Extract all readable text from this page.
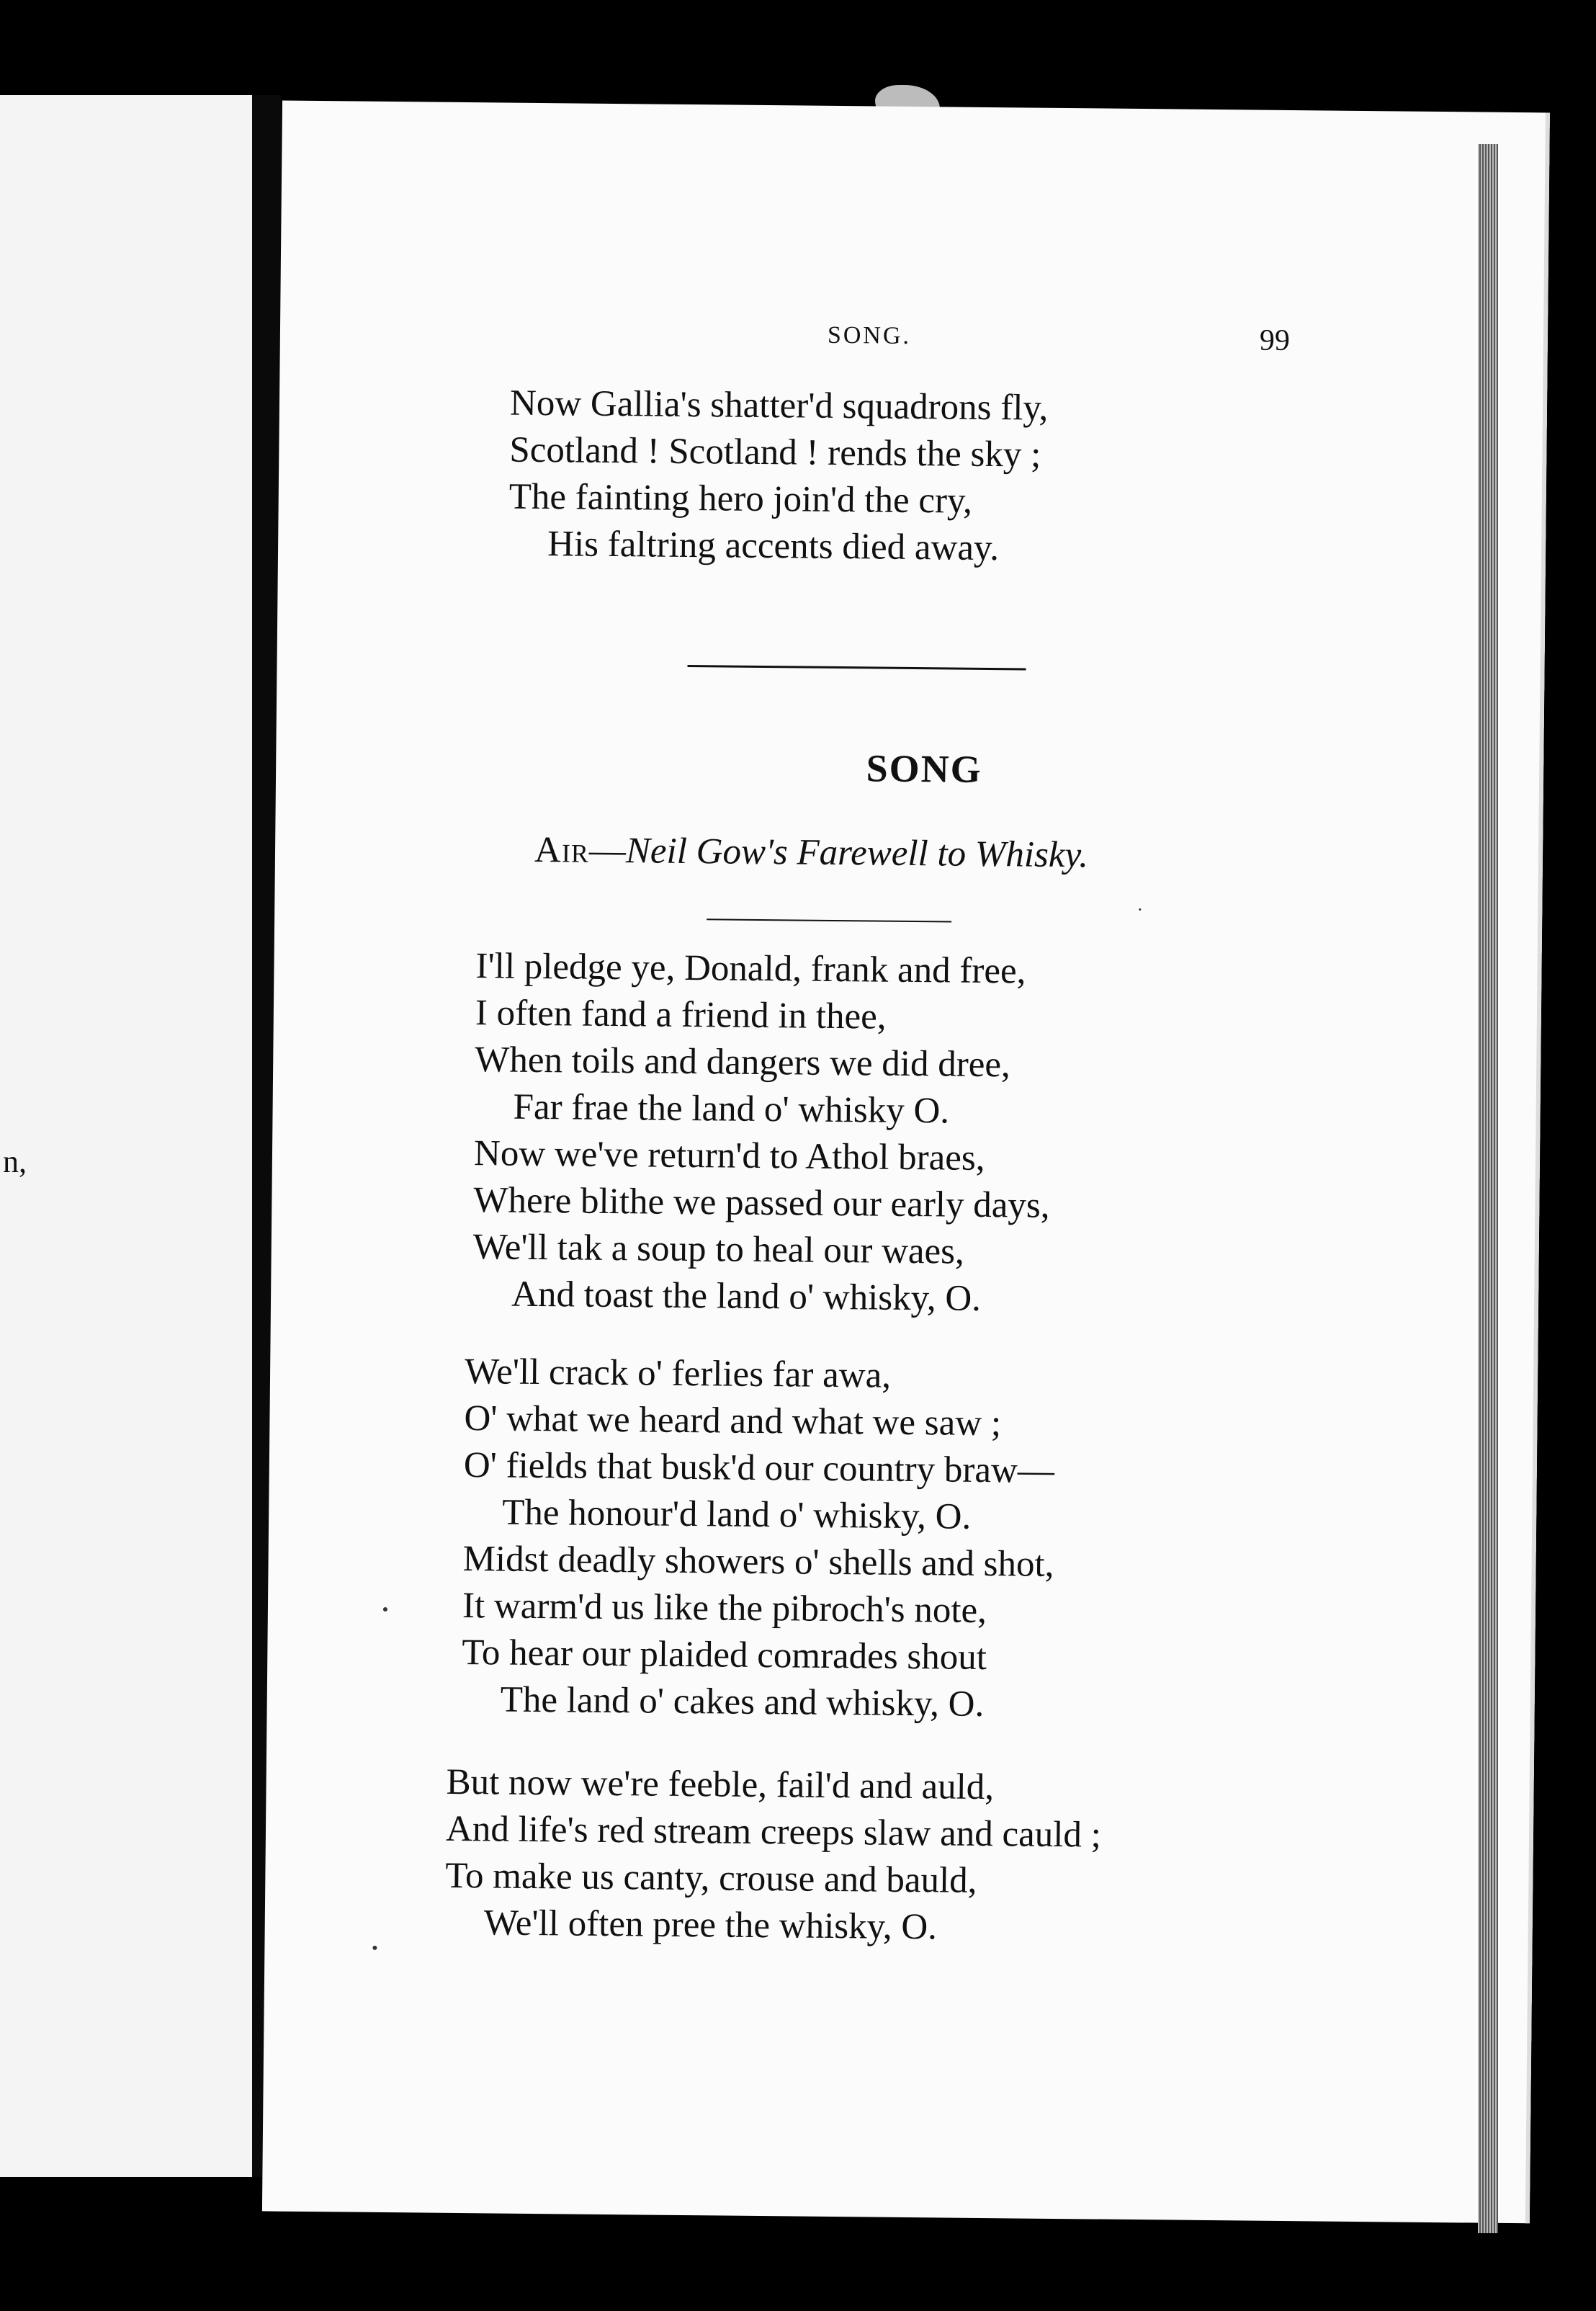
n,
SONG.	99
Now Gallia's shatter'd squadrons fly,
Scotland ! Scotland ! rends the sky ;
The fainting hero join'd the cry,
His faltring accents died away.
SONG
Air—Neil Gow's Farewell to Whisky.
I'll pledge ye, Donald, frank and free,
I often fand a friend in thee,
When toils and dangers we did dree,
Far frae the land o' whisky O.
Now we've return'd to Athol braes,
Where blithe we passed our early days,
We'll tak a soup to heal our waes,
And toast the land o' whisky, O.
We'll crack o' ferlies far awa,
O' what we heard and what we saw ;
O' fields that busk'd our country braw—
The honour'd land o' whisky, O.
Midst deadly showers o' shells and shot,
It warm'd us like the pibroch's note,
To hear our plaided comrades shout
The land o' cakes and whisky, O.
But now we're feeble, fail'd and auld,
And life's red stream creeps slaw and cauld ;
To make us canty, crouse and bauld,
We'll often pree the whisky, O.
